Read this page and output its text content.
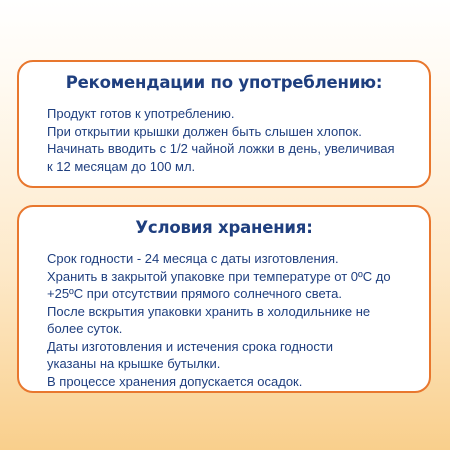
Рекомендации по употреблению:
Продукт готов к употреблению.
При открытии крышки должен быть слышен хлопок.
Начинать вводить с 1/2 чайной ложки в день, увеличивая
к 12 месяцам до 100 мл.
Условия хранения:
Срок годности - 24 месяца с даты изготовления.
Хранить в закрытой упаковке при температуре от 0ºC до
+25ºC при отсутствии прямого солнечного света.
После вскрытия упаковки хранить в холодильнике не
более суток.
Даты изготовления и истечения срока годности
указаны на крышке бутылки.
В процессе хранения допускается осадок.
